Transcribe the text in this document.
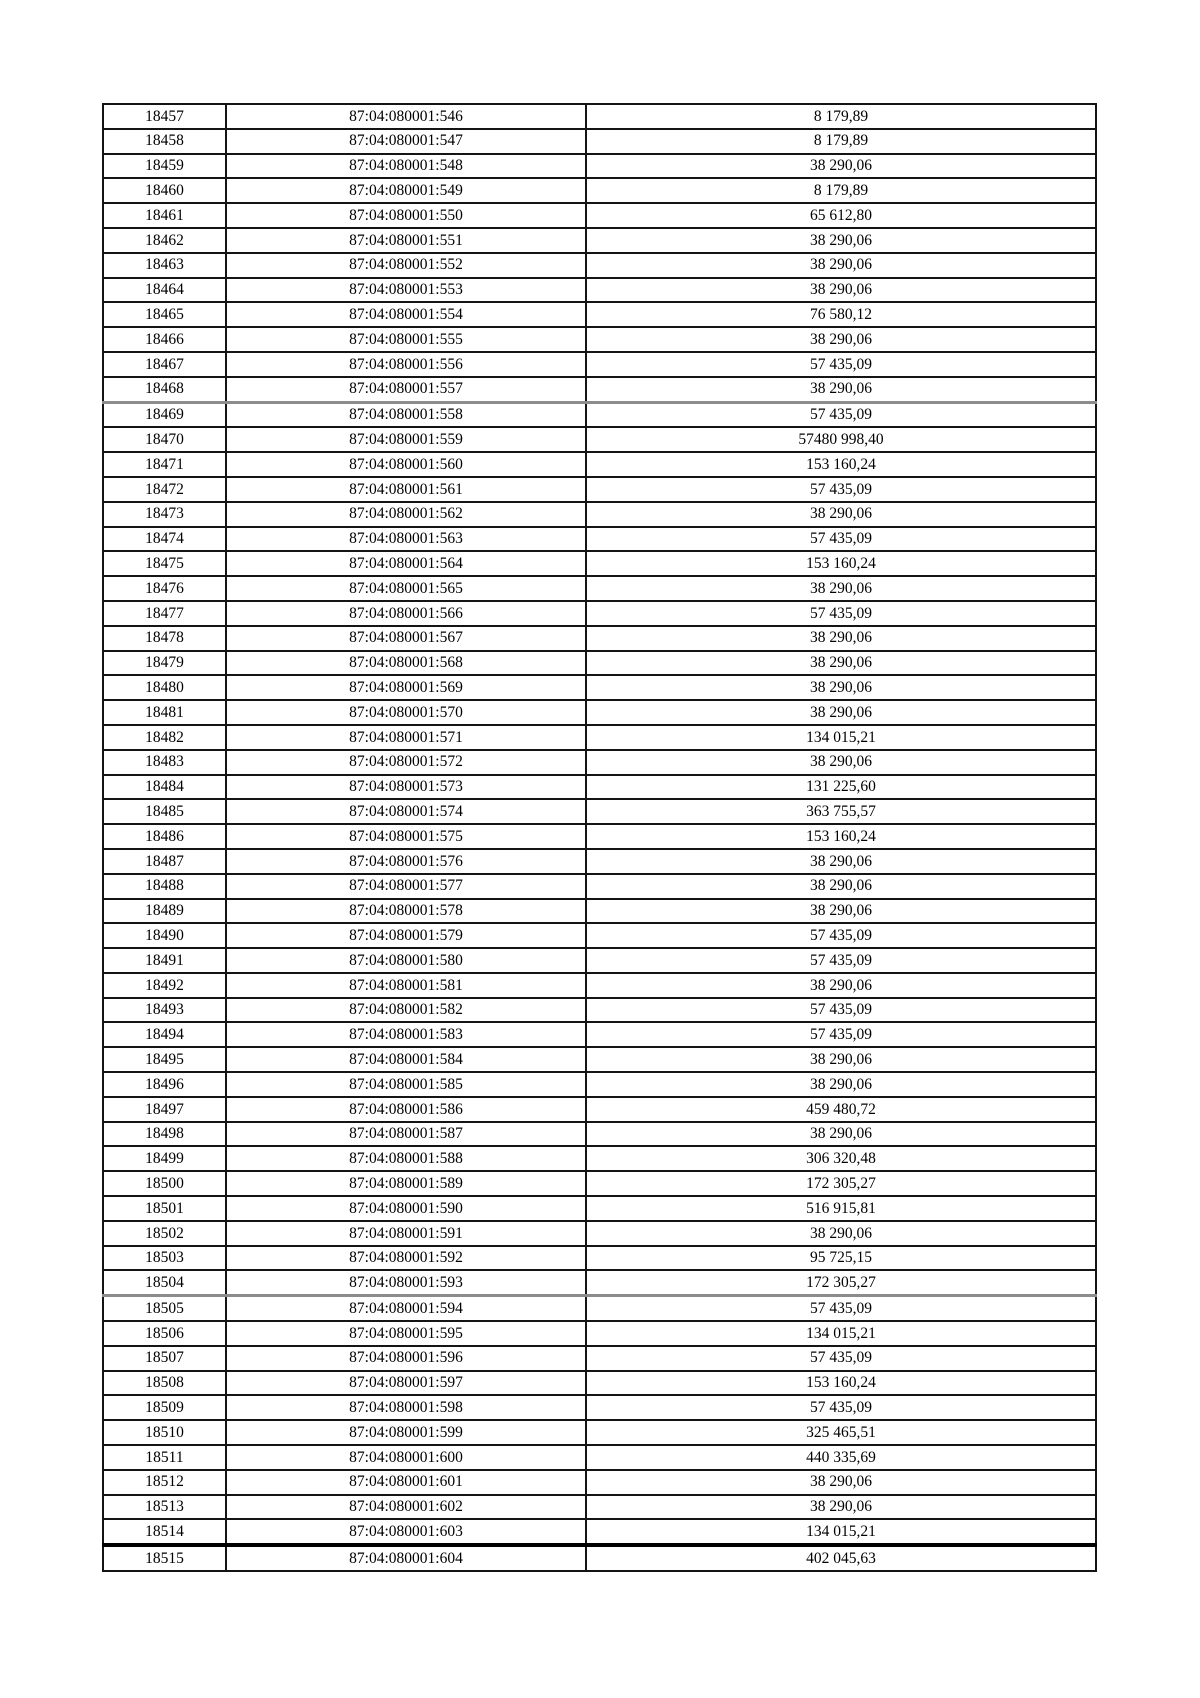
18457	87:04:080001:546	8 179,89
18458	87:04:080001:547	8 179,89
18459	87:04:080001:548	38 290,06
18460	87:04:080001:549	8 179,89
18461	87:04:080001:550	65 612,80
18462	87:04:080001:551	38 290,06
18463	87:04:080001:552	38 290,06
18464	87:04:080001:553	38 290,06
18465	87:04:080001:554	76 580,12
18466	87:04:080001:555	38 290,06
18467	87:04:080001:556	57 435,09
18468	87:04:080001:557	38 290,06
18469	87:04:080001:558	57 435,09
18470	87:04:080001:559	57480 998,40
18471	87:04:080001:560	153 160,24
18472	87:04:080001:561	57 435,09
18473	87:04:080001:562	38 290,06
18474	87:04:080001:563	57 435,09
18475	87:04:080001:564	153 160,24
18476	87:04:080001:565	38 290,06
18477	87:04:080001:566	57 435,09
18478	87:04:080001:567	38 290,06
18479	87:04:080001:568	38 290,06
18480	87:04:080001:569	38 290,06
18481	87:04:080001:570	38 290,06
18482	87:04:080001:571	134 015,21
18483	87:04:080001:572	38 290,06
18484	87:04:080001:573	131 225,60
18485	87:04:080001:574	363 755,57
18486	87:04:080001:575	153 160,24
18487	87:04:080001:576	38 290,06
18488	87:04:080001:577	38 290,06
18489	87:04:080001:578	38 290,06
18490	87:04:080001:579	57 435,09
18491	87:04:080001:580	57 435,09
18492	87:04:080001:581	38 290,06
18493	87:04:080001:582	57 435,09
18494	87:04:080001:583	57 435,09
18495	87:04:080001:584	38 290,06
18496	87:04:080001:585	38 290,06
18497	87:04:080001:586	459 480,72
18498	87:04:080001:587	38 290,06
18499	87:04:080001:588	306 320,48
18500	87:04:080001:589	172 305,27
18501	87:04:080001:590	516 915,81
18502	87:04:080001:591	38 290,06
18503	87:04:080001:592	95 725,15
18504	87:04:080001:593	172 305,27
18505	87:04:080001:594	57 435,09
18506	87:04:080001:595	134 015,21
18507	87:04:080001:596	57 435,09
18508	87:04:080001:597	153 160,24
18509	87:04:080001:598	57 435,09
18510	87:04:080001:599	325 465,51
18511	87:04:080001:600	440 335,69
18512	87:04:080001:601	38 290,06
18513	87:04:080001:602	38 290,06
18514	87:04:080001:603	134 015,21
18515	87:04:080001:604	402 045,63
